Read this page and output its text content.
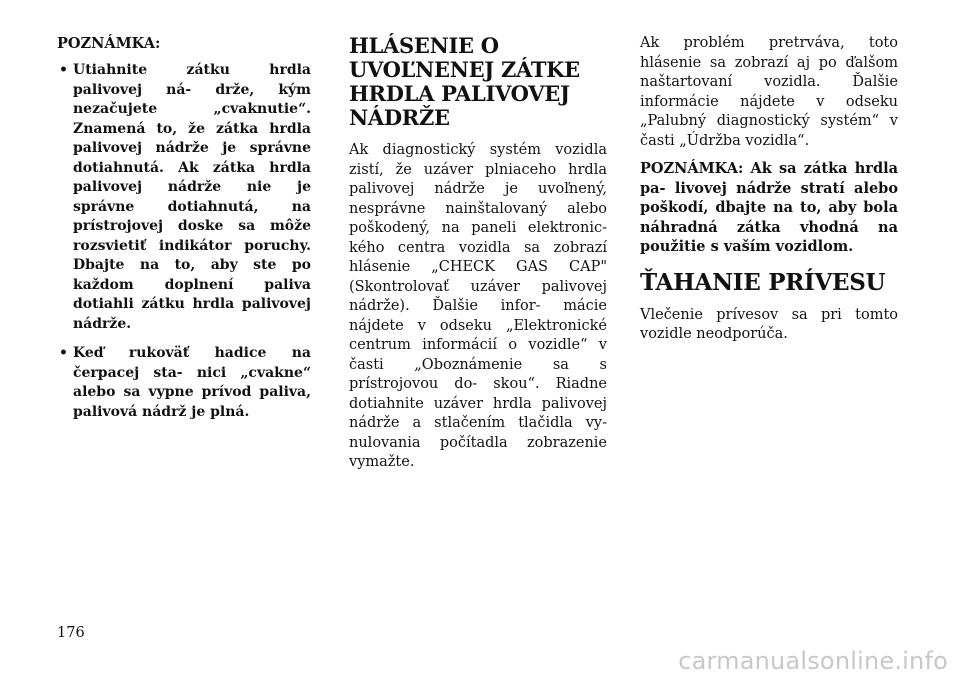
POZNÁMKA:
• Utiahnite zátku hrdla palivovej ná- drže, kým nezačujete „cvaknutie“. Znamená to, že zátka hrdla palivovej nádrže je správne dotiahnutá. Ak zátka hrdla palivovej nádrže nie je správne dotiahnutá, na prístrojovej doske sa môže rozsvietiť indikátor poruchy. Dbajte na to, aby ste po každom doplnení paliva dotiahli zátku hrdla palivovej nádrže.
• Keď rukoväť hadice na čerpacej sta- nici „cvakne“ alebo sa vypne prívod paliva, palivová nádrž je plná.
HLÁSENIE O UVOĽNENEJ ZÁTKE HRDLA PALIVOVEJ NÁDRŽE

Ak diagnostický systém vozidla zistí, že uzáver plniaceho hrdla palivovej nádrže je uvoľnený, nesprávne nainštalovaný alebo poškodený, na paneli elektronic- kého centra vozidla sa zobrazí hlásenie „CHECK GAS CAP" (Skontrolovať uzáver palivovej nádrže). Ďalšie infor- mácie nájdete v odseku „Elektronické centrum informácií o vozidle“ v časti „Oboznámenie sa s prístrojovou do- skou“. Riadne dotiahnite uzáver hrdla palivovej nádrže a stlačením tlačidla vy- nulovania počítadla zobrazenie vymažte.

Ak problém pretrváva, toto hlásenie sa zobrazí aj po ďalšom naštartovaní vozidla. Ďalšie informácie nájdete v odseku „Palubný diagnostický systém“ v časti „Údržba vozidla“.

POZNÁMKA: Ak sa zátka hrdla pa- livovej nádrže stratí alebo poškodí, dbajte na to, aby bola náhradná zátka vhodná na použitie s vaším vozidlom.

ŤAHANIE PRÍVESU

Vlečenie prívesov sa pri tomto vozidle neodporúča.

176
carmanualsonline.info
